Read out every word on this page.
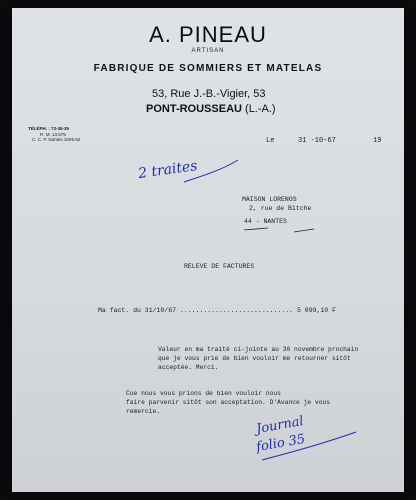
A. PINEAU
ARTISAN
FABRIQUE DE SOMMIERS ET MATELAS
53, Rue J.-B.-Vigier, 53
PONT-ROUSSEAU (L.-A.)
TÉLÉPH. : 73-45-35
R. M. 13.575
C. C. P. Nantes 1006.92	Le	31 -10-67	19
2 traites
MAISON LORENOS
2, rue de Bitche
44 - NANTES
RELEVE DE FACTURES
Ma fact. du 31/10/67 ............................. 5 099,10 F
Valeur en ma traité ci-jointe au 30 novembre prochain
que je vous prie de bien vouloir me retourner sitôt
acceptée. Merci.
Cue nous vous prions de bien vouloir nous
faire parvenir sitôt son acceptation. D'Avance je vous
remercie.
Journal
folio 35
